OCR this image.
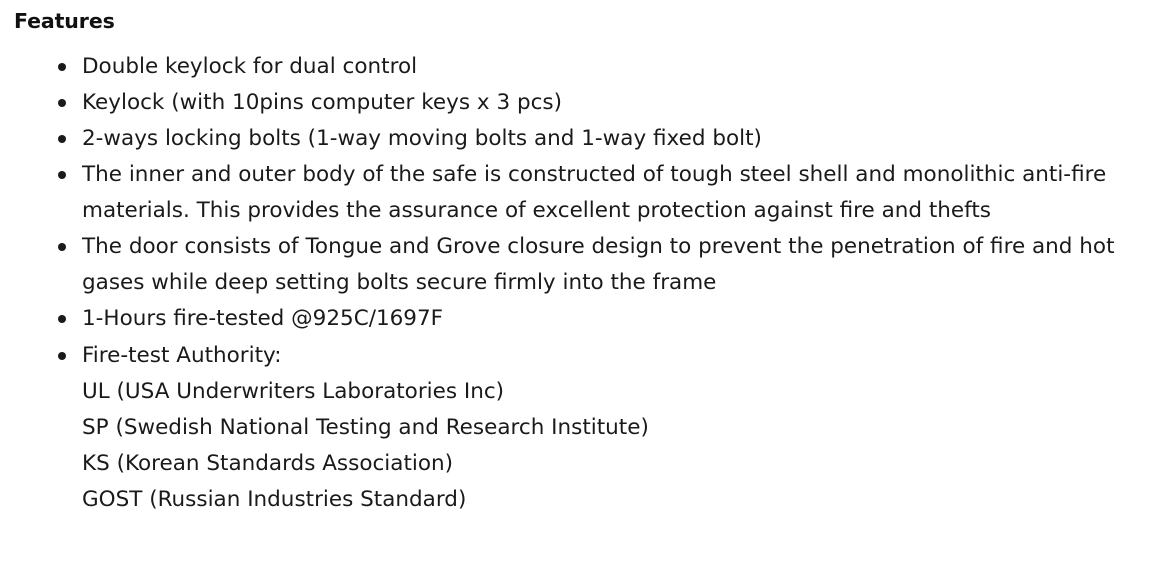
Features
Double keylock for dual control
Keylock (with 10pins computer keys x 3 pcs)
2-ways locking bolts (1-way moving bolts and 1-way fixed bolt)
The inner and outer body of the safe is constructed of tough steel shell and monolithic anti-fire materials. This provides the assurance of excellent protection against fire and thefts
The door consists of Tongue and Grove closure design to prevent the penetration of fire and hot gases while deep setting bolts secure firmly into the frame
1-Hours fire-tested @925C/1697F
Fire-test Authority:
UL (USA Underwriters Laboratories Inc)
SP (Swedish National Testing and Research Institute)
KS (Korean Standards Association)
GOST (Russian Industries Standard)
